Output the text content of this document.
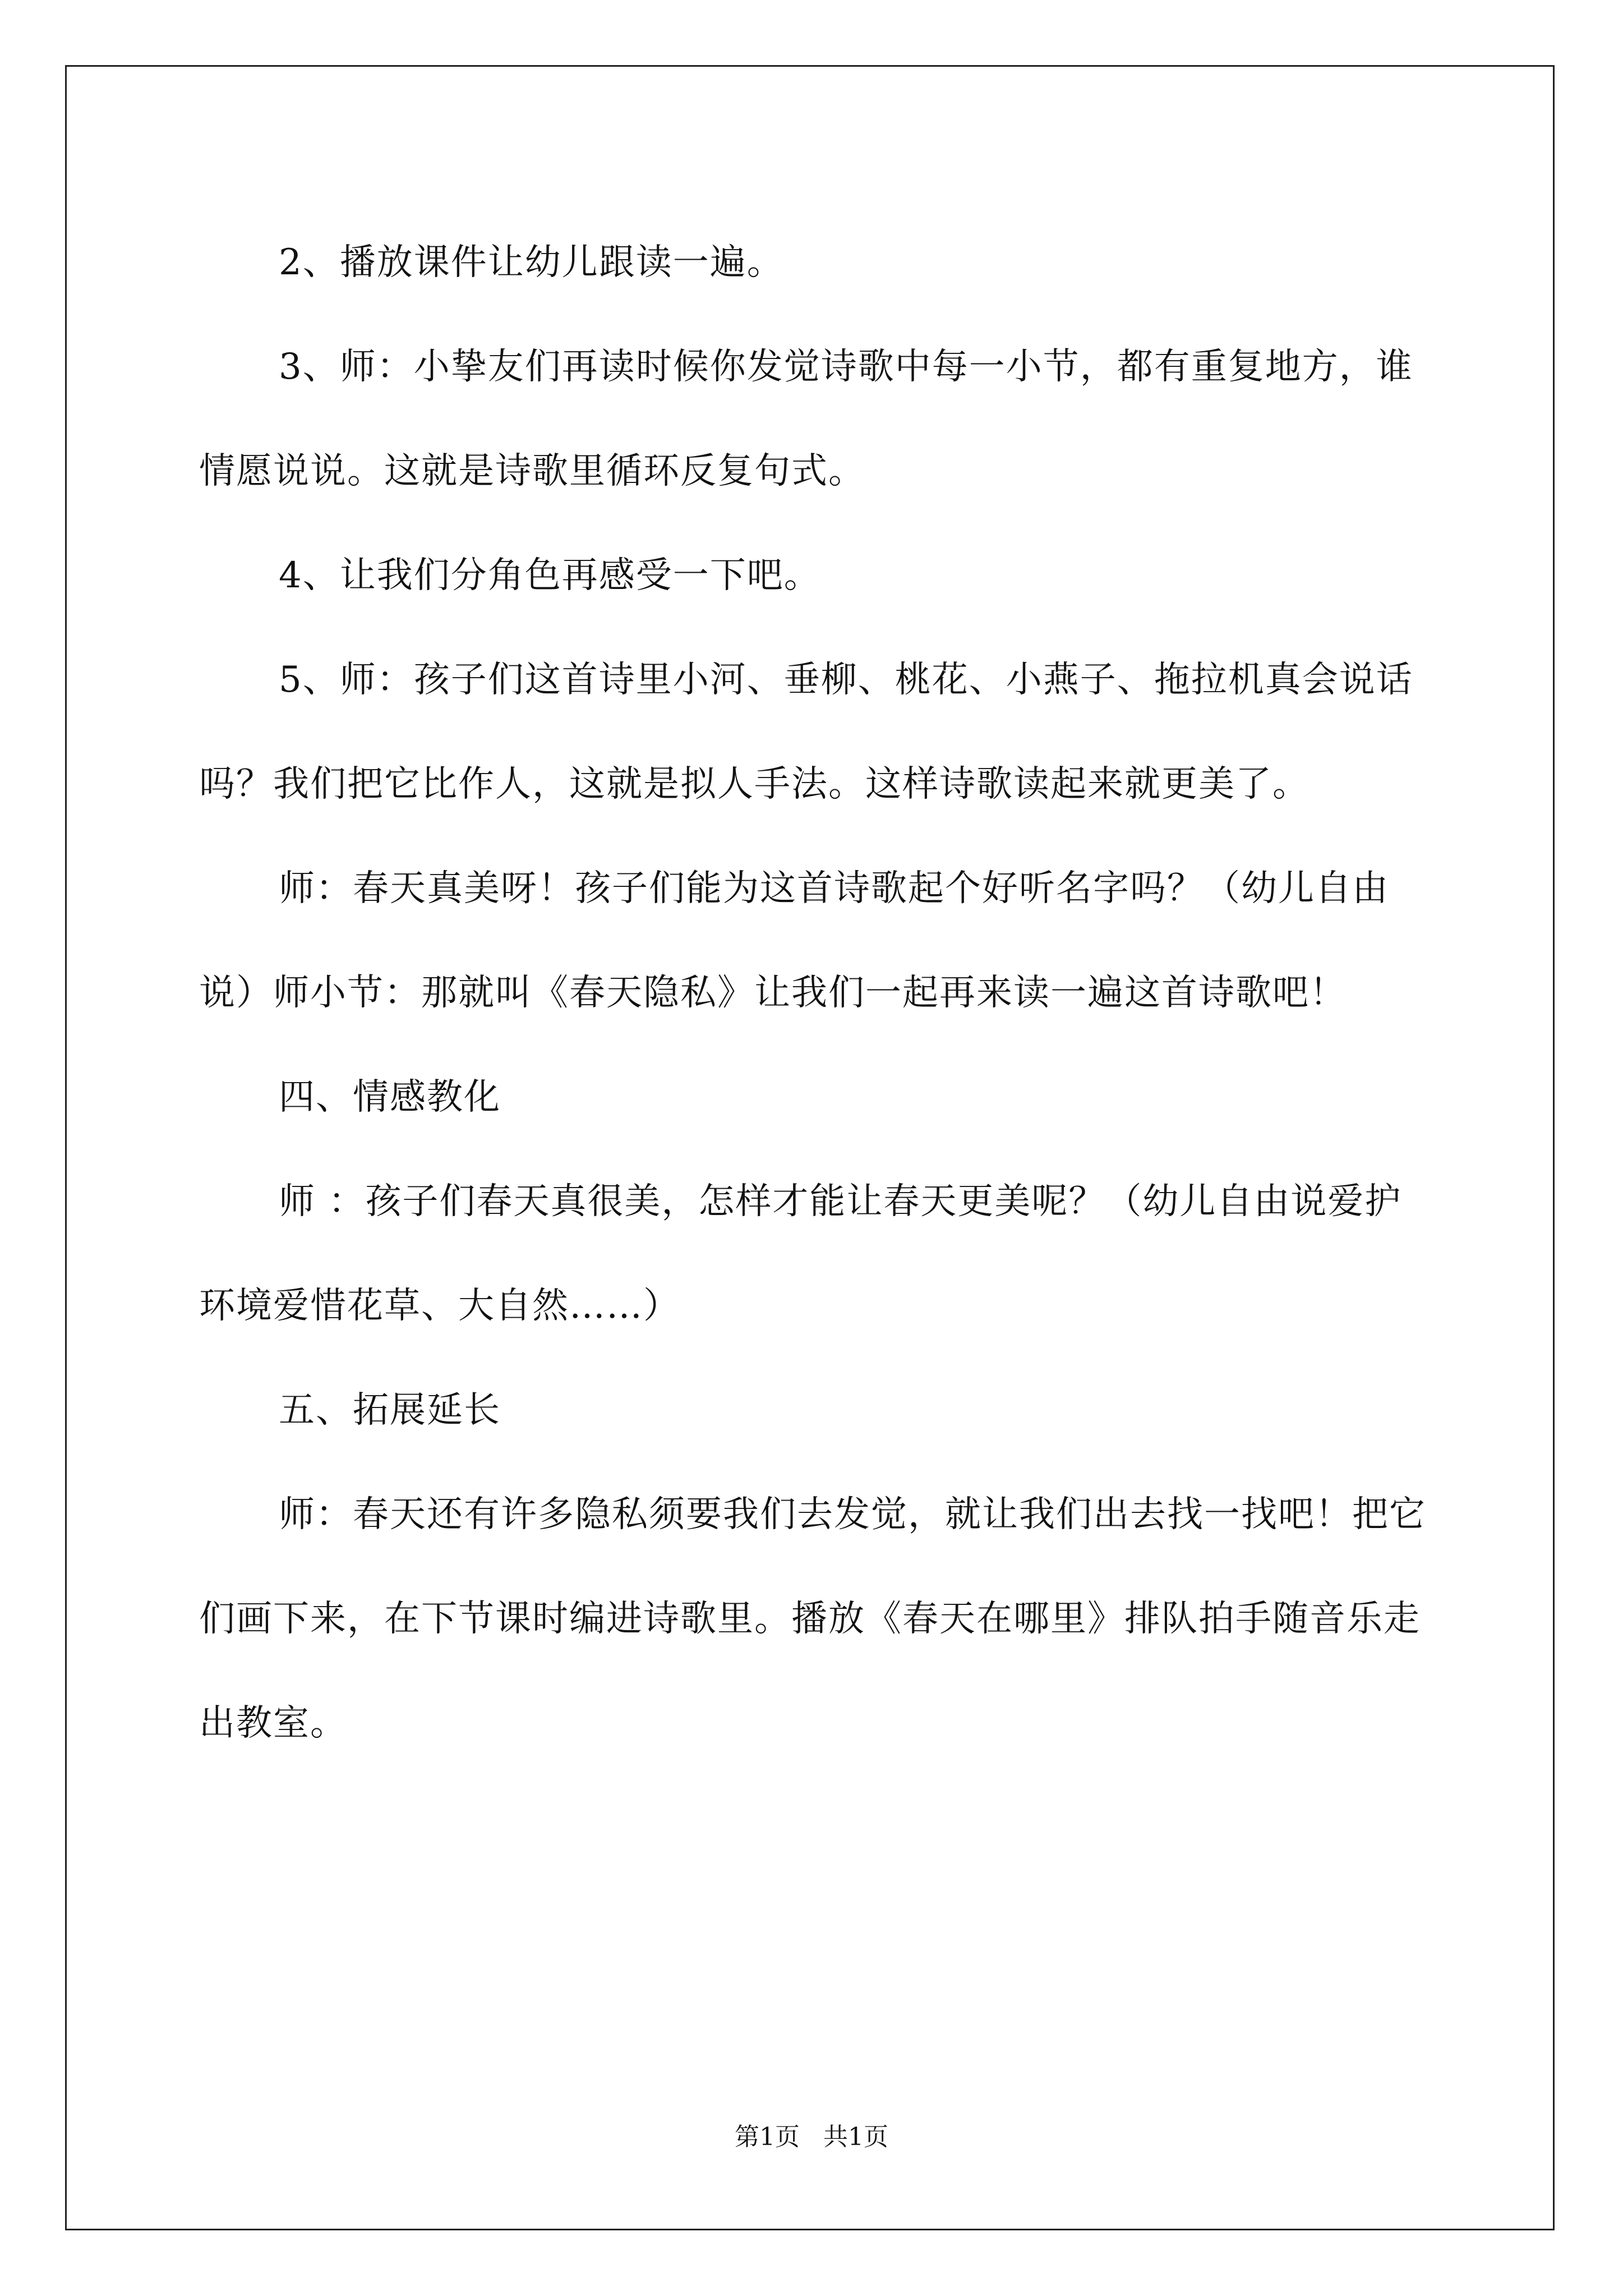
2、播放课件让幼儿跟读一遍。

3、师：小挚友们再读时候你发觉诗歌中每一小节，都有重复地方，谁情愿说说。这就是诗歌里循环反复句式。

4、让我们分角色再感受一下吧。

5、师：孩子们这首诗里小河、垂柳、桃花、小燕子、拖拉机真会说话吗？我们把它比作人，这就是拟人手法。这样诗歌读起来就更美了。

师：春天真美呀！孩子们能为这首诗歌起个好听名字吗？（幼儿自由说）师小节：那就叫《春天隐私》让我们一起再来读一遍这首诗歌吧！

四、情感教化

师 ：孩子们春天真很美，怎样才能让春天更美呢？（幼儿自由说爱护环境爱惜花草、大自然……）

五、拓展延长

师：春天还有许多隐私须要我们去发觉，就让我们出去找一找吧！把它们画下来，在下节课时编进诗歌里。播放《春天在哪里》排队拍手随音乐走出教室。

第1页 共1页
